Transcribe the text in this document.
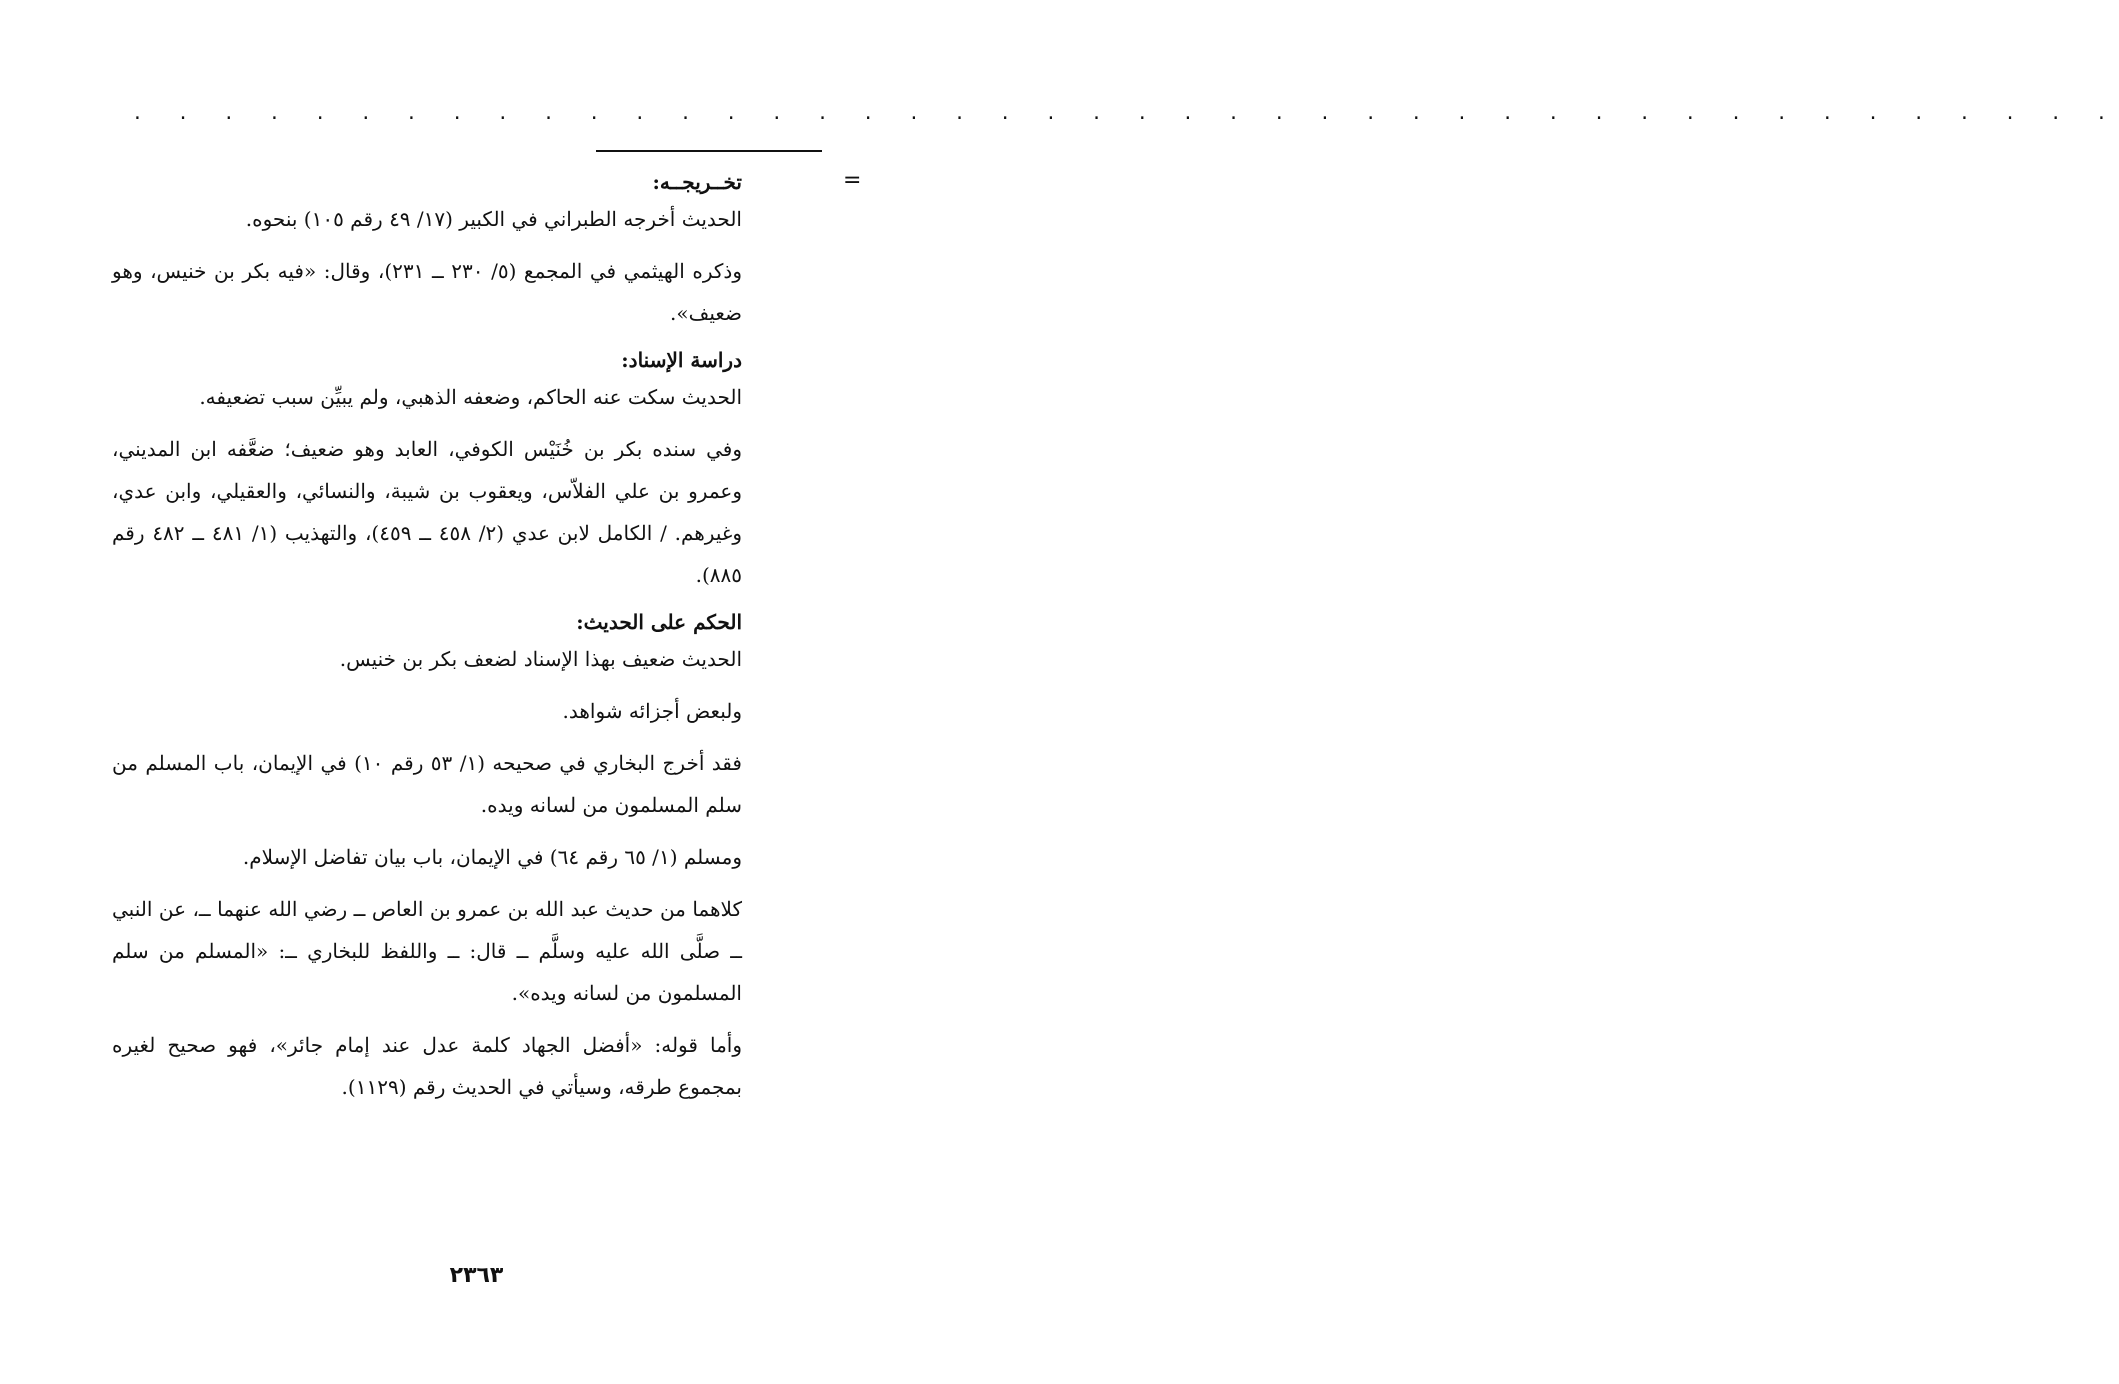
. . . . . . . . . . . . . . . . . . . . . . . . . . . . . . . . . . . . . . . . . . . .
=
تخــريجــه:

الحديث أخرجه الطبراني في الكبير (١٧/ ٤٩ رقم ١٠٥) بنحوه.

وذكره الهيثمي في المجمع (٥/ ٢٣٠ ــ ٢٣١)، وقال: «فيه بكر بن خنيس، وهو ضعيف».

دراسة الإسناد:

الحديث سكت عنه الحاكم، وضعفه الذهبي، ولم يبيِّن سبب تضعيفه.

وفي سنده بكر بن خُنَيْس الكوفي، العابد وهو ضعيف؛ ضعَّفه ابن المديني، وعمرو بن علي الفلاّس، ويعقوب بن شيبة، والنسائي، والعقيلي، وابن عدي، وغيرهم. / الكامل لابن عدي (٢/ ٤٥٨ ــ ٤٥٩)، والتهذيب (١/ ٤٨١ ــ ٤٨٢ رقم ٨٨٥).

الحكم على الحديث:

الحديث ضعيف بهذا الإسناد لضعف بكر بن خنيس.

ولبعض أجزائه شواهد.

فقد أخرج البخاري في صحيحه (١/ ٥٣ رقم ١٠) في الإيمان، باب المسلم من سلم المسلمون من لسانه ويده.

ومسلم (١/ ٦٥ رقم ٦٤) في الإيمان، باب بيان تفاضل الإسلام.

كلاهما من حديث عبد الله بن عمرو بن العاص ــ رضي الله عنهما ــ، عن النبي ــ صلَّى الله عليه وسلَّم ــ قال: ــ واللفظ للبخاري ــ: «المسلم من سلم المسلمون من لسانه ويده».

وأما قوله: «أفضل الجهاد كلمة عدل عند إمام جائر»، فهو صحيح لغيره بمجموع طرقه، وسيأتي في الحديث رقم (١١٢٩).

٢٣٦٣
